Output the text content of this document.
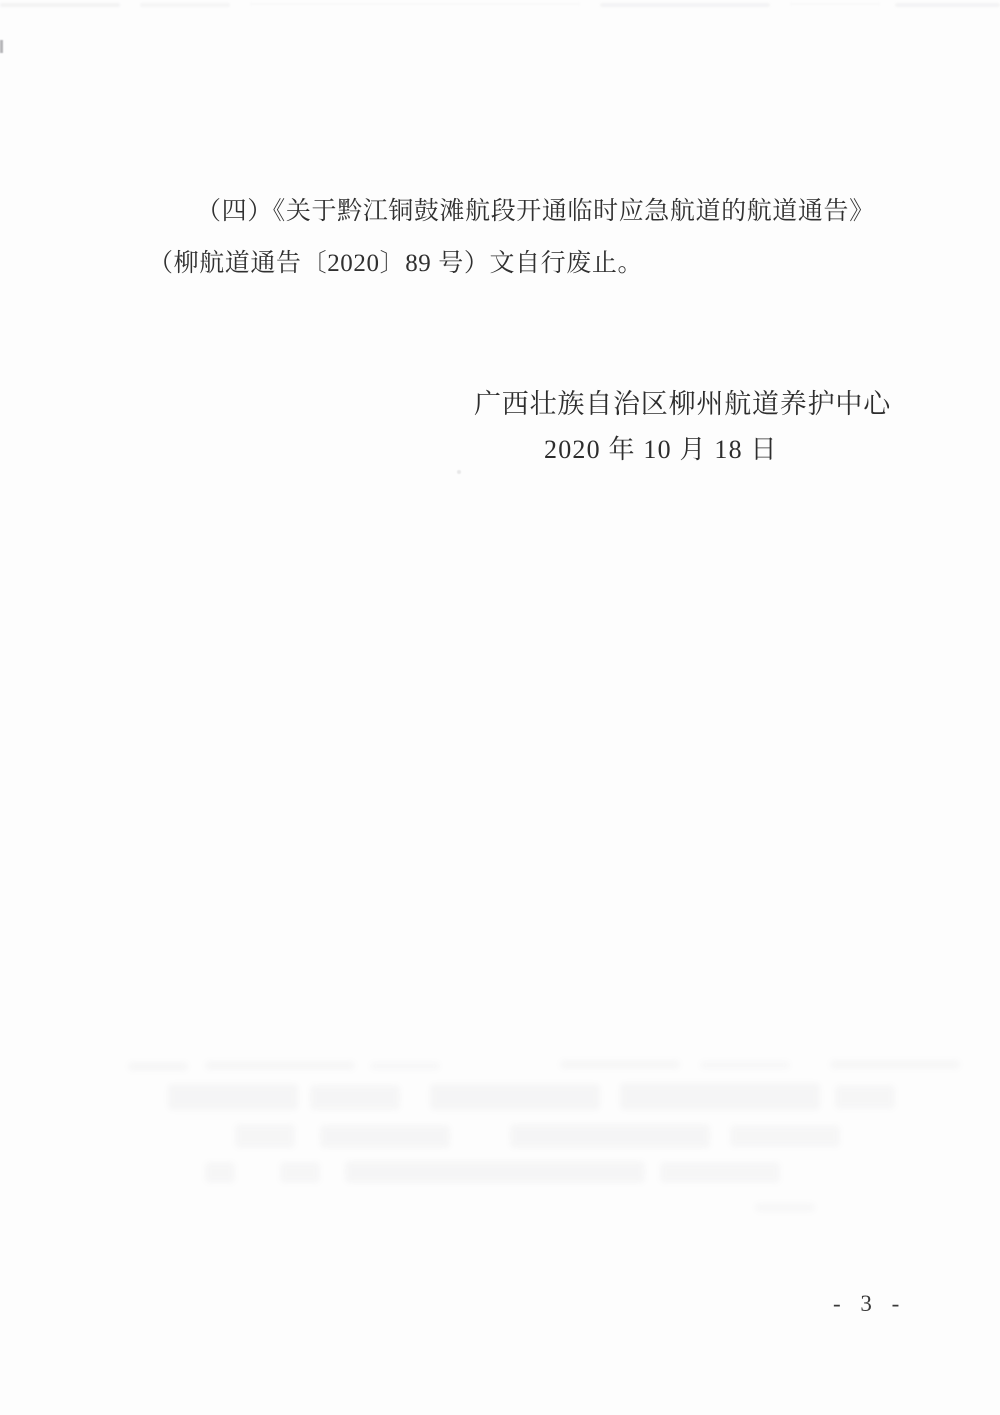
（四）《关于黔江铜鼓滩航段开通临时应急航道的航道通告》
（柳航道通告〔2020〕89 号）文自行废止。
广西壮族自治区柳州航道养护中心
2020 年 10 月 18 日
- 3 -
